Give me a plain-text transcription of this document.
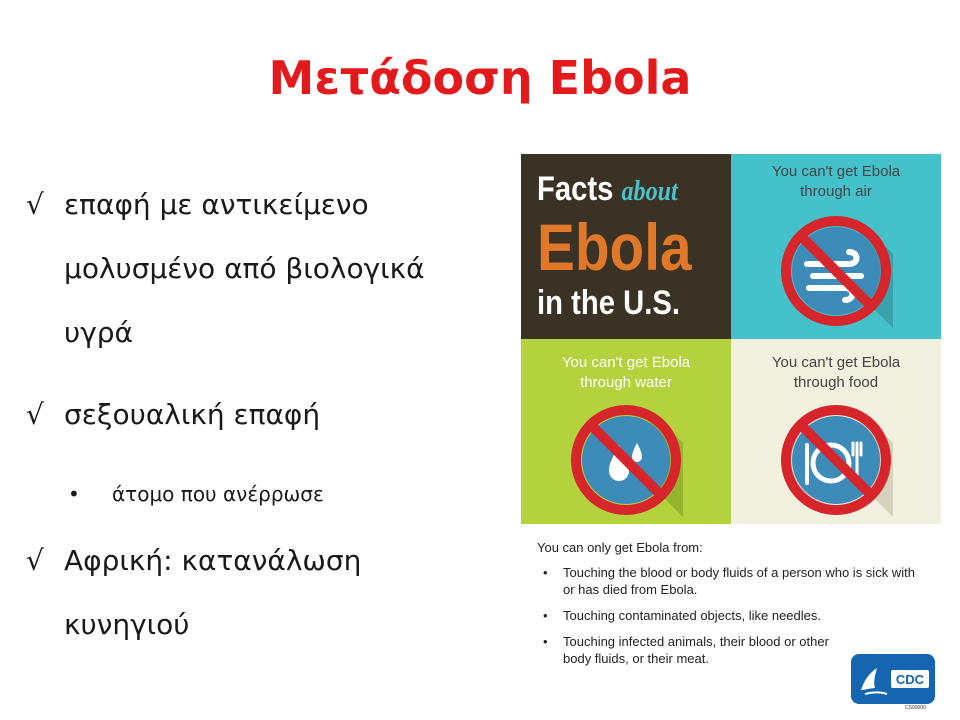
Μετάδοση Ebola
√ επαφή με αντικείμενο
μολυσμένο από βιολογικά
υγρά
√ σεξουαλική επαφή
• άτομο που ανέρρωσε
√ Αφρική: κατανάλωση
κυνηγιού
Facts about
Ebola
in the U.S.
You can't get Ebola
through air
You can't get Ebola
through water
You can't get Ebola
through food
You can only get Ebola from:
• Touching the blood or body fluids of a person who is sick with or has died from Ebola.
• Touching contaminated objects, like needles.
• Touching infected animals, their blood or other body fluids, or their meat.
CDC
CS00000
